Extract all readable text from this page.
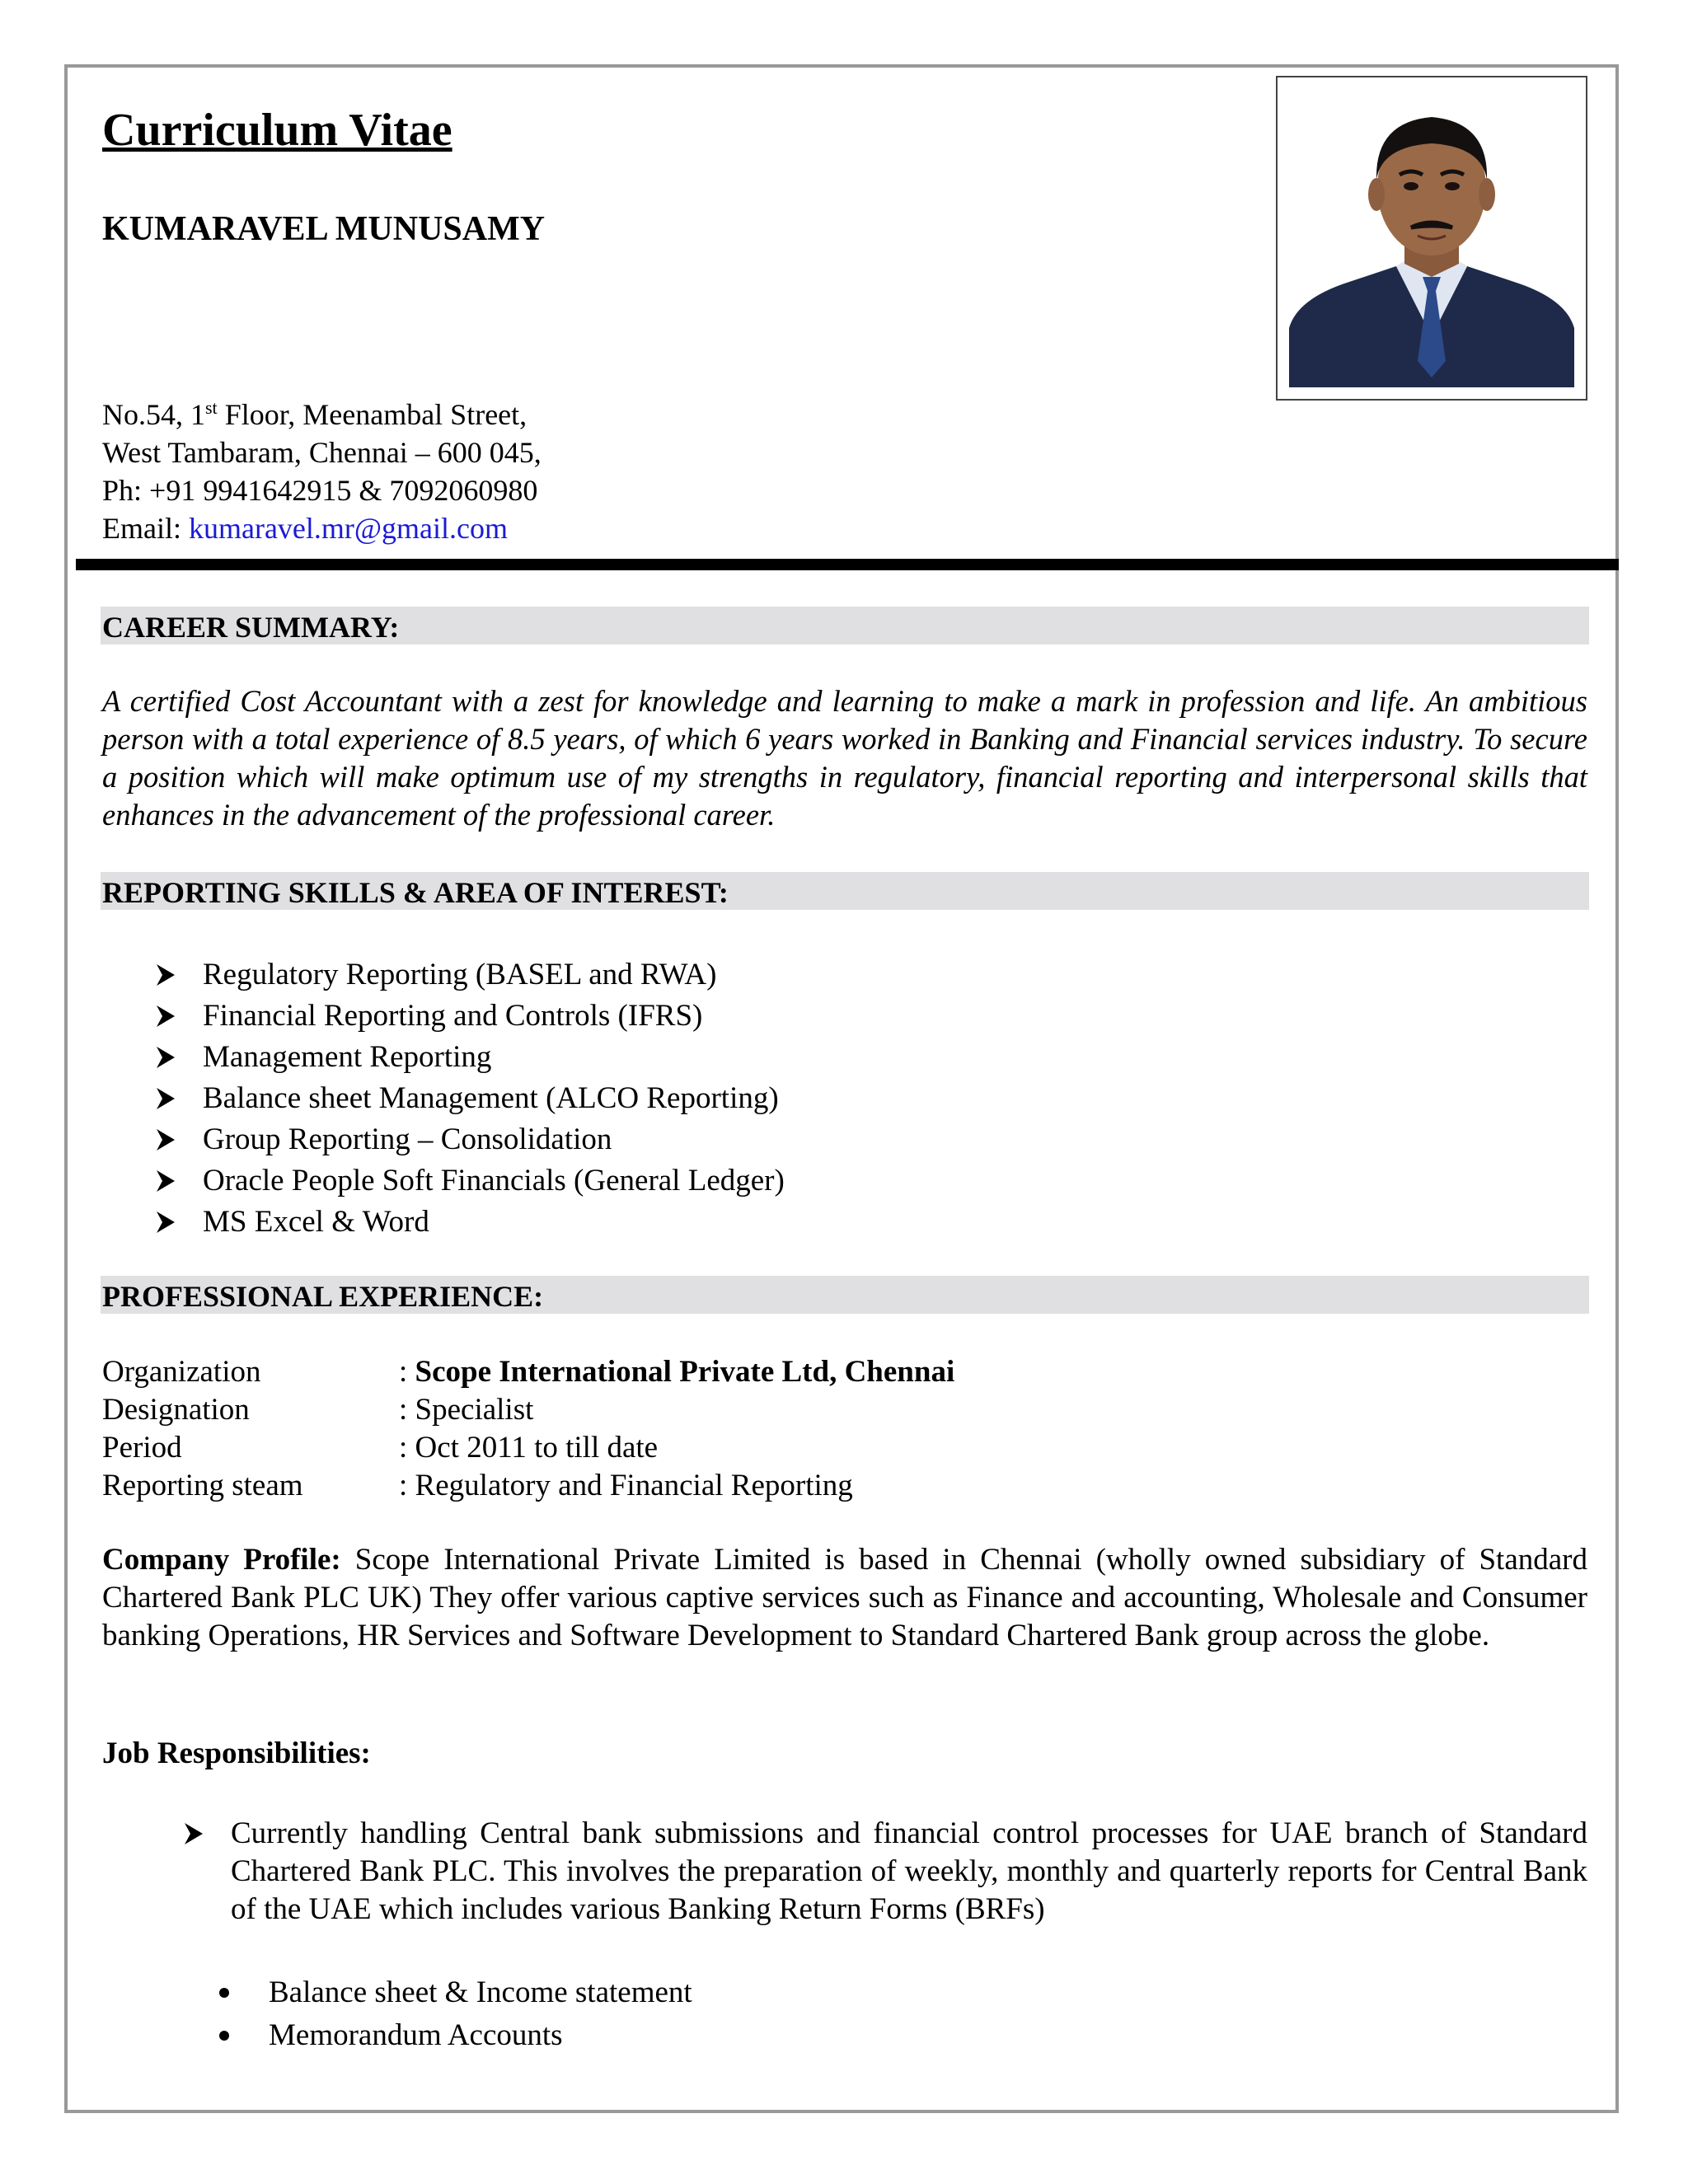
Curriculum Vitae
KUMARAVEL MUNUSAMY
No.54, 1st Floor, Meenambal Street,
West Tambaram, Chennai – 600 045,
Ph: +91 9941642915 & 7092060980
Email: kumaravel.mr@gmail.com
CAREER SUMMARY:
A certified Cost Accountant with a zest for knowledge and learning to make a mark in profession and life. An ambitious person with a total experience of 8.5 years, of which 6 years worked in Banking and Financial services industry. To secure a position which will make optimum use of my strengths in regulatory, financial reporting and interpersonal skills that enhances in the advancement of the professional career.
REPORTING SKILLS & AREA OF INTEREST:
Regulatory Reporting (BASEL and RWA)
Financial Reporting and Controls (IFRS)
Management Reporting
Balance sheet Management (ALCO Reporting)
Group Reporting – Consolidation
Oracle People Soft Financials (General Ledger)
MS Excel & Word
PROFESSIONAL EXPERIENCE:
Organization	: Scope International Private Ltd, Chennai
Designation	: Specialist
Period	: Oct 2011 to till date
Reporting steam	: Regulatory and Financial Reporting
Company Profile: Scope International Private Limited is based in Chennai (wholly owned subsidiary of Standard Chartered Bank PLC UK) They offer various captive services such as Finance and accounting, Wholesale and Consumer banking Operations, HR Services and Software Development to Standard Chartered Bank group across the globe.
Job Responsibilities:
Currently handling Central bank submissions and financial control processes for UAE branch of Standard Chartered Bank PLC. This involves the preparation of weekly, monthly and quarterly reports for Central Bank of the UAE which includes various Banking Return Forms (BRFs)
Balance sheet & Income statement
Memorandum Accounts
